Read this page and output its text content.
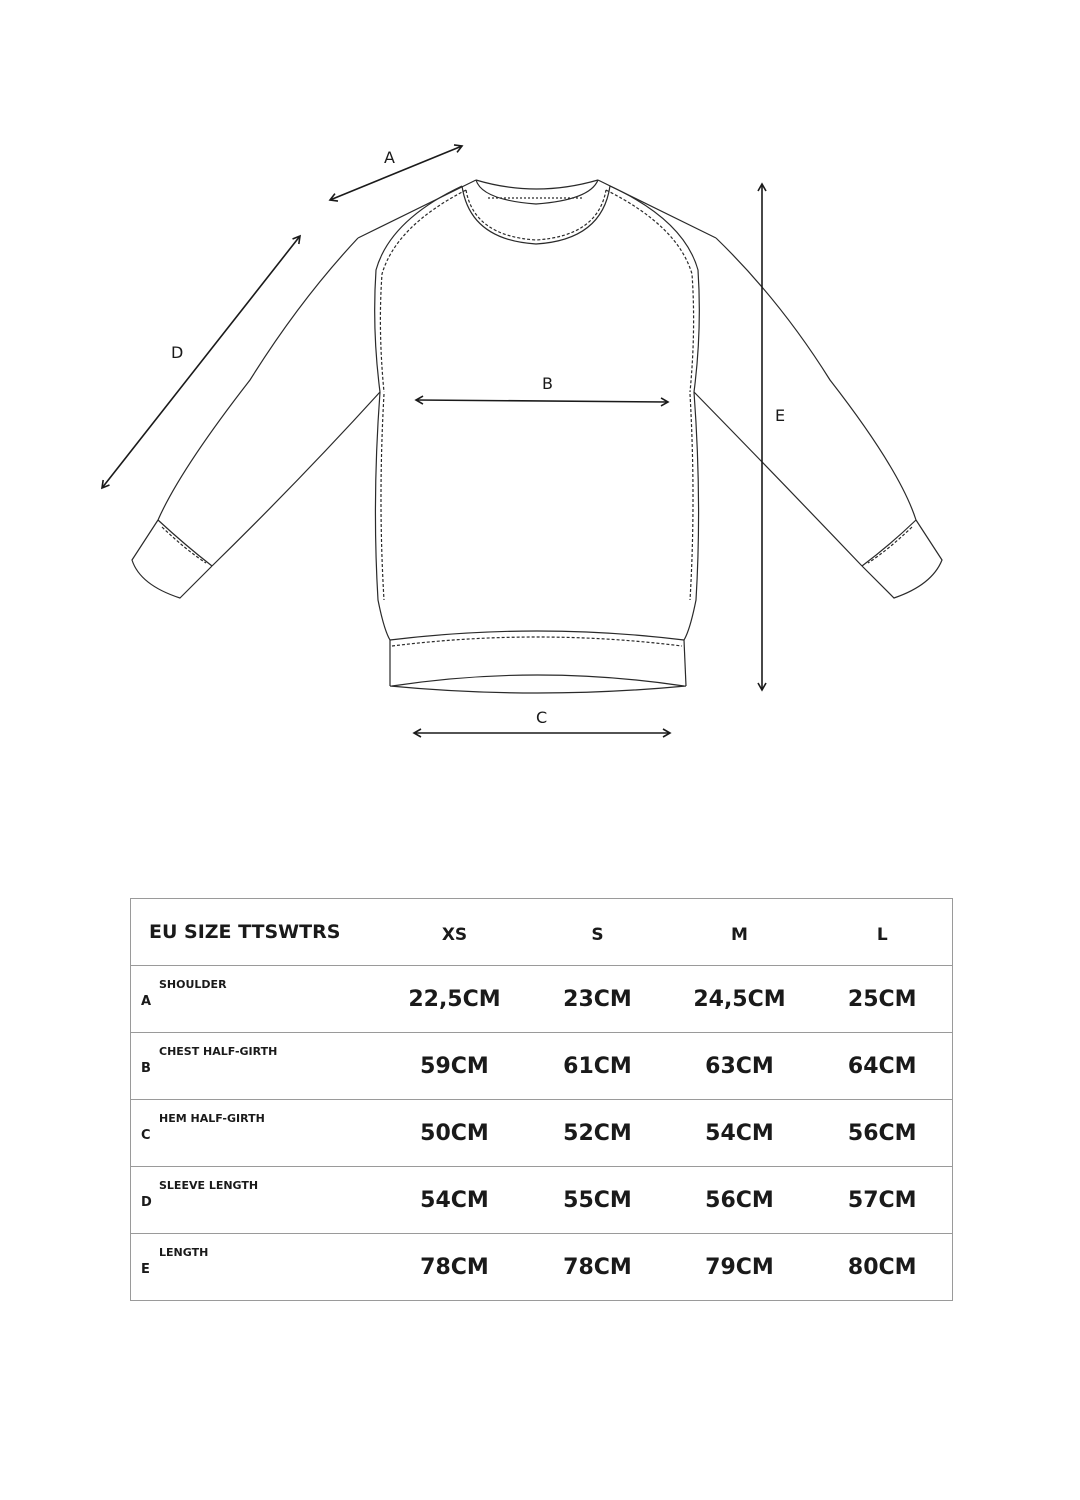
A
D
B
C
E
EU SIZE TTSWTRS	XS	S	M	L
ASHOULDER	22,5CM	23CM	24,5CM	25CM
BCHEST HALF-GIRTH	59CM	61CM	63CM	64CM
CHEM HALF-GIRTH	50CM	52CM	54CM	56CM
DSLEEVE LENGTH	54CM	55CM	56CM	57CM
ELENGTH	78CM	78CM	79CM	80CM
